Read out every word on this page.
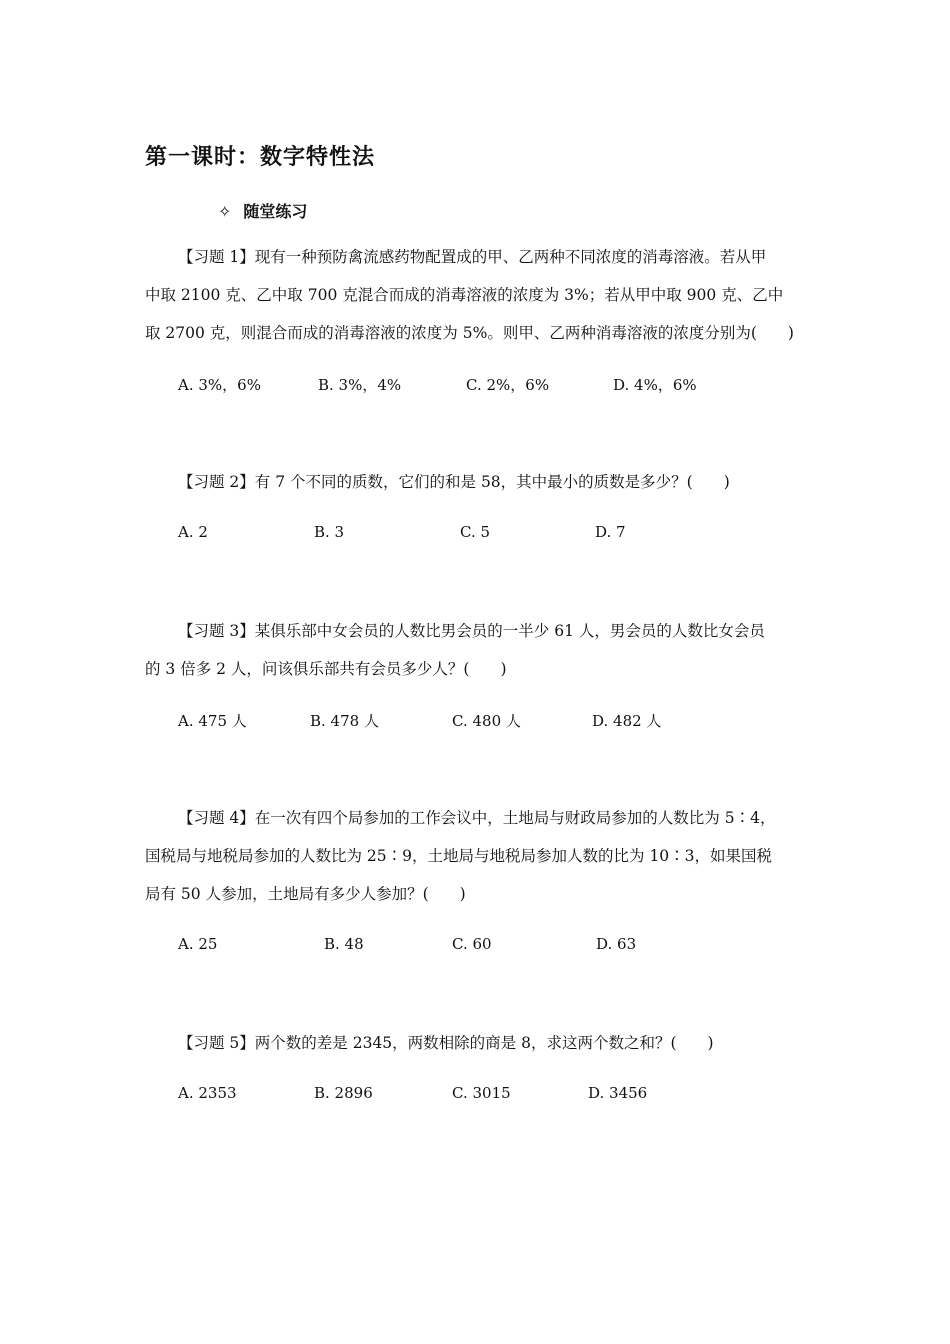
第一课时：数字特性法
✧ 随堂练习
【习题 1】现有一种预防禽流感药物配置成的甲、乙两种不同浓度的消毒溶液。若从甲
中取 2100 克、乙中取 700 克混合而成的消毒溶液的浓度为 3%；若从甲中取 900 克、乙中
取 2700 克，则混合而成的消毒溶液的浓度为 5%。则甲、乙两种消毒溶液的浓度分别为(　　)
A. 3%，6%	B. 3%，4%	C. 2%，6%	D. 4%，6%
【习题 2】有 7 个不同的质数，它们的和是 58，其中最小的质数是多少？(　　)
A. 2	B. 3	C. 5	D. 7
【习题 3】某俱乐部中女会员的人数比男会员的一半少 61 人，男会员的人数比女会员
的 3 倍多 2 人，问该俱乐部共有会员多少人？(　　)
A. 475 人	B. 478 人	C. 480 人	D. 482 人
【习题 4】在一次有四个局参加的工作会议中，土地局与财政局参加的人数比为 5∶4，
国税局与地税局参加的人数比为 25∶9，土地局与地税局参加人数的比为 10∶3，如果国税
局有 50 人参加，土地局有多少人参加？(　　)
A. 25	B. 48	C. 60	D. 63
【习题 5】两个数的差是 2345，两数相除的商是 8，求这两个数之和？(　　)
A. 2353	B. 2896	C. 3015	D. 3456
